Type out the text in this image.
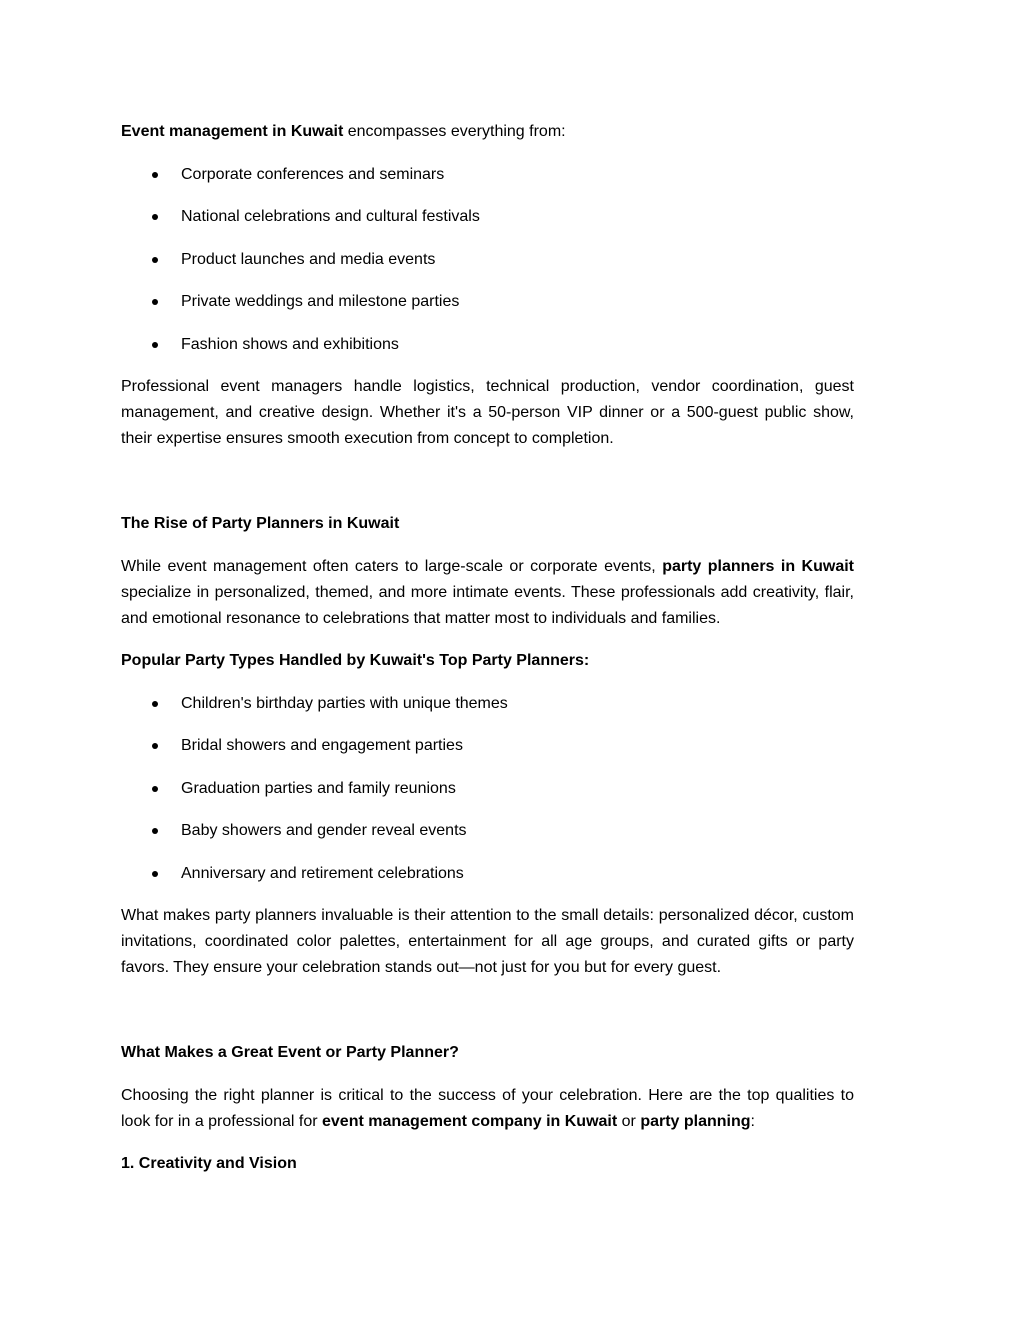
Event management in Kuwait encompasses everything from:

Corporate conferences and seminars
National celebrations and cultural festivals
Product launches and media events
Private weddings and milestone parties
Fashion shows and exhibitions

Professional event managers handle logistics, technical production, vendor coordination, guest management, and creative design. Whether it's a 50-person VIP dinner or a 500-guest public show, their expertise ensures smooth execution from concept to completion.

The Rise of Party Planners in Kuwait

While event management often caters to large-scale or corporate events, party planners in Kuwait specialize in personalized, themed, and more intimate events. These professionals add creativity, flair, and emotional resonance to celebrations that matter most to individuals and families.

Popular Party Types Handled by Kuwait's Top Party Planners:

Children's birthday parties with unique themes
Bridal showers and engagement parties
Graduation parties and family reunions
Baby showers and gender reveal events
Anniversary and retirement celebrations

What makes party planners invaluable is their attention to the small details: personalized décor, custom invitations, coordinated color palettes, entertainment for all age groups, and curated gifts or party favors. They ensure your celebration stands out—not just for you but for every guest.

What Makes a Great Event or Party Planner?

Choosing the right planner is critical to the success of your celebration. Here are the top qualities to look for in a professional for event management company in Kuwait or party planning:

1. Creativity and Vision
